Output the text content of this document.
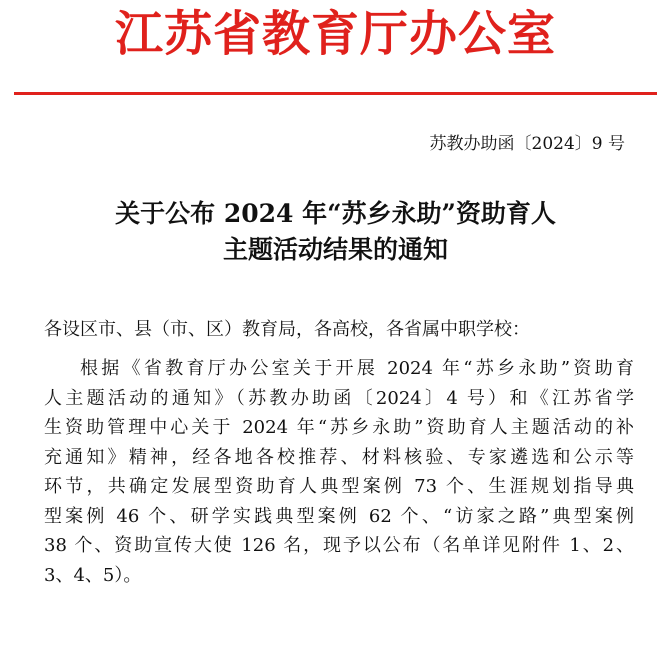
江苏省教育厅办公室
苏教办助函〔2024〕9 号
关于公布 2024 年“苏乡永助”资助育人
主题活动结果的通知
各设区市、县（市、区）教育局，各高校，各省属中职学校：
根据《省教育厅办公室关于开展 2024 年“苏乡永助”资助育
人主题活动的通知》（苏教办助函〔2024〕4 号）和《江苏省学
生资助管理中心关于 2024 年“苏乡永助”资助育人主题活动的补
充通知》精神，经各地各校推荐、材料核验、专家遴选和公示等
环节，共确定发展型资助育人典型案例 73 个、生涯规划指导典
型案例 46 个、研学实践典型案例 62 个、“访家之路”典型案例
38 个、资助宣传大使 126 名，现予以公布（名单详见附件 1、2、
3、4、5）。
